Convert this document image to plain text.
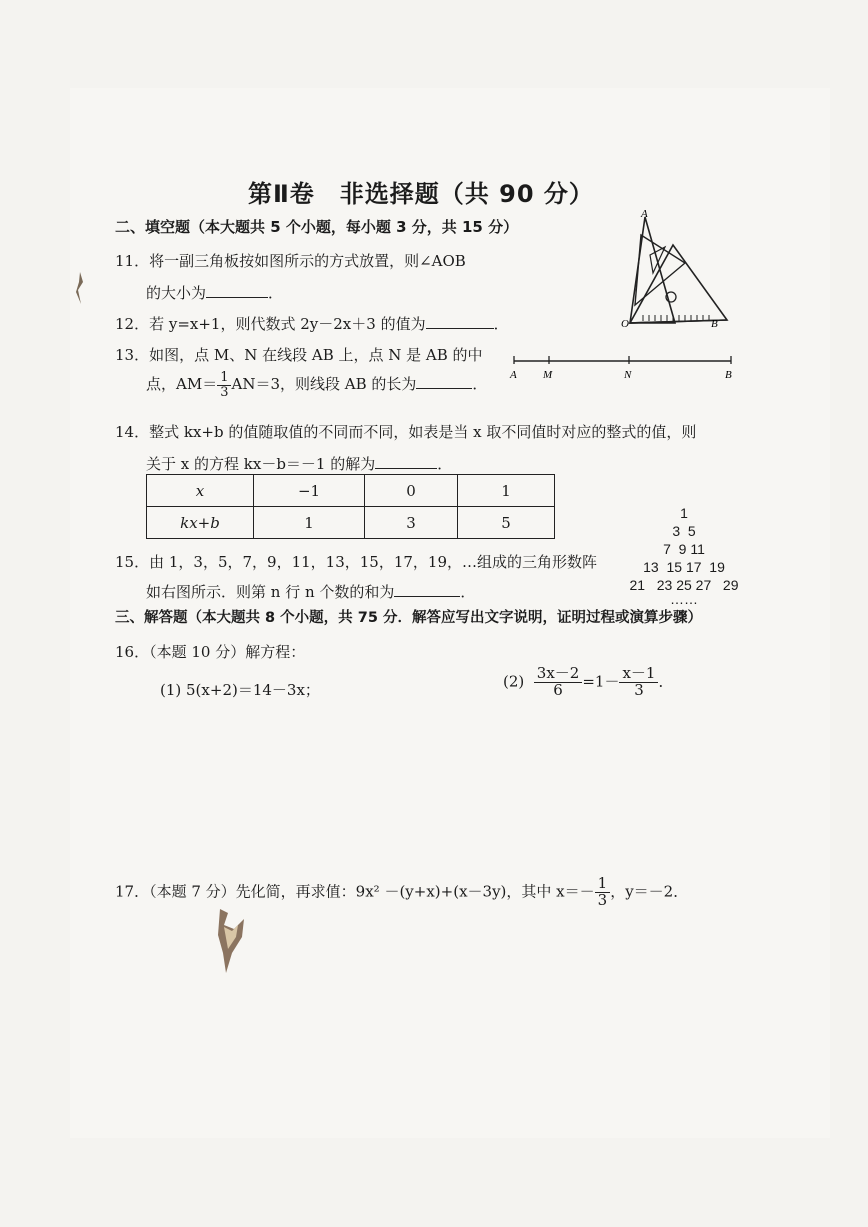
第Ⅱ卷　非选择题（共 90 分）
二、填空题（本大题共 5 个小题，每小题 3 分，共 15 分）
11．将一副三角板按如图所示的方式放置，则∠AOB
的大小为	．
A
O	B
12．若 y=x+1，则代数式 2y－2x＋3 的值为	．
13．如图，点 M、N 在线段 AB 上，点 N 是 AB 的中
点，$AM= \frac{1}{3} AN=3$，则线段 AB 的长为	．
A M	N	B
14．整式 kx+b 的值随取值的不同而不同，如表是当 x 取不同值时对应的整式的值，则
关于 x 的方程 kx－b＝－1 的解为	．
x	−1	0	1
kx+b	1	3	5
1
3  5
7  9 11
13  15 17  19
21   23 25 27   29
……
15．由 1，3，5，7，9，11，13，15，17，19，…组成的三角形数阵
如右图所示．则第 n 行 n 个数的和为	．
三、解答题（本大题共 8 个小题，共 75 分．解答应写出文字说明，证明过程或演算步骤）
16．（本题 10 分）解方程：
(1) 5(x+2)＝14－3x；	$(2) \frac{3x-2}{6} =1- \frac{x-1}{3}$ ．
17．（本题 7 分）先化简，再求值：9x² －(y+x)+(x－3y)，其中 $x=- \frac{1}{3}$ ，y＝－2．
